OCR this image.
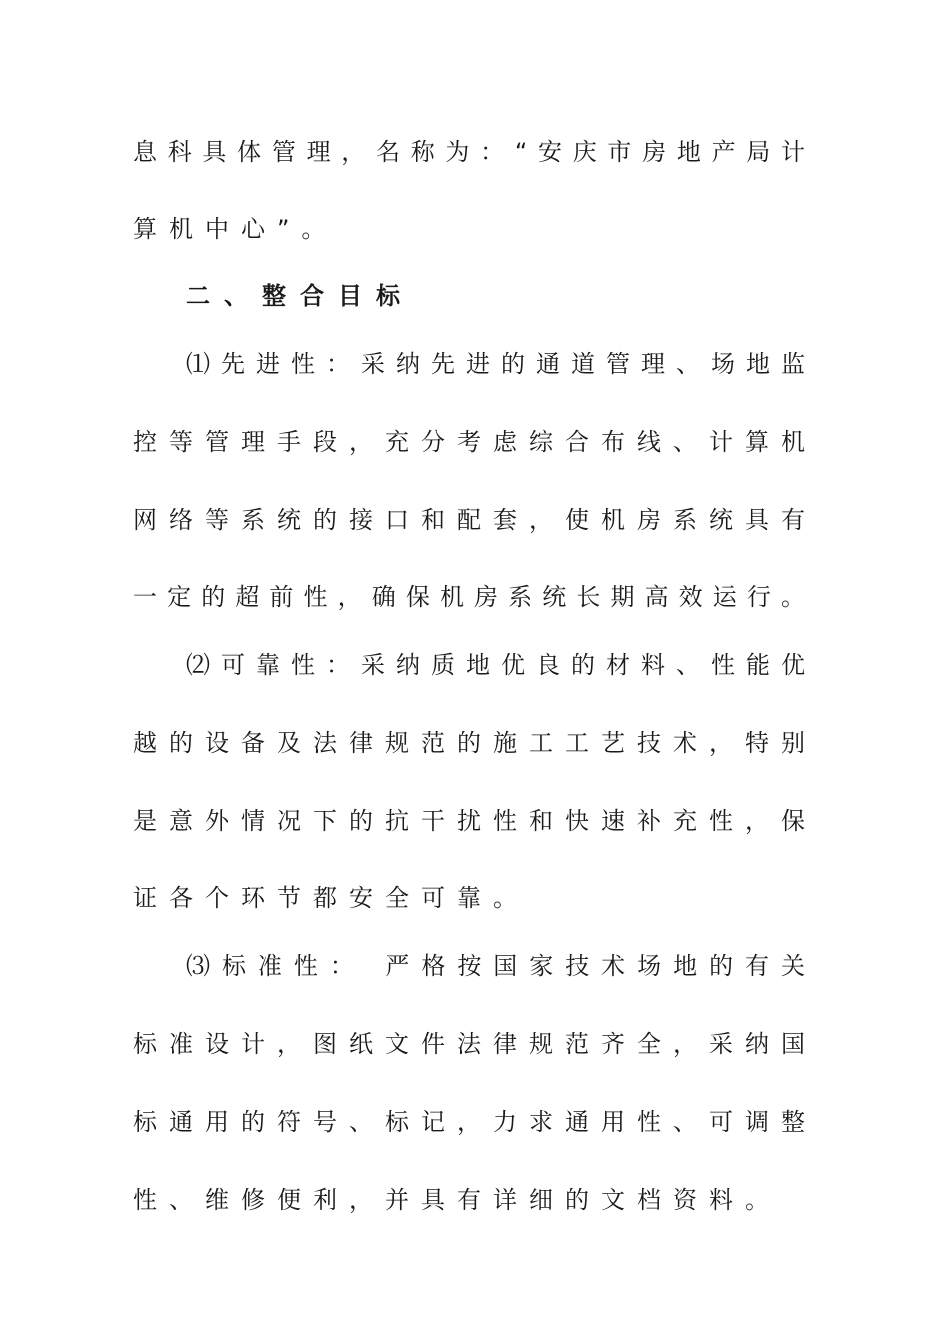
息科具体管理，名称为：“安庆市房地产局计
算机中心”。
二、整合目标
⑴先进性：采纳先进的通道管理、场地监
控等管理手段，充分考虑综合布线、计算机
网络等系统的接口和配套，使机房系统具有
一定的超前性，确保机房系统长期高效运行。
⑵可靠性：采纳质地优良的材料、性能优
越的设备及法律规范的施工工艺技术，特别
是意外情况下的抗干扰性和快速补充性，保
证各个环节都安全可靠。
⑶标准性： 严格按国家技术场地的有关
标准设计，图纸文件法律规范齐全，采纳国
标通用的符号、标记，力求通用性、可调整
性、维修便利，并具有详细的文档资料。
